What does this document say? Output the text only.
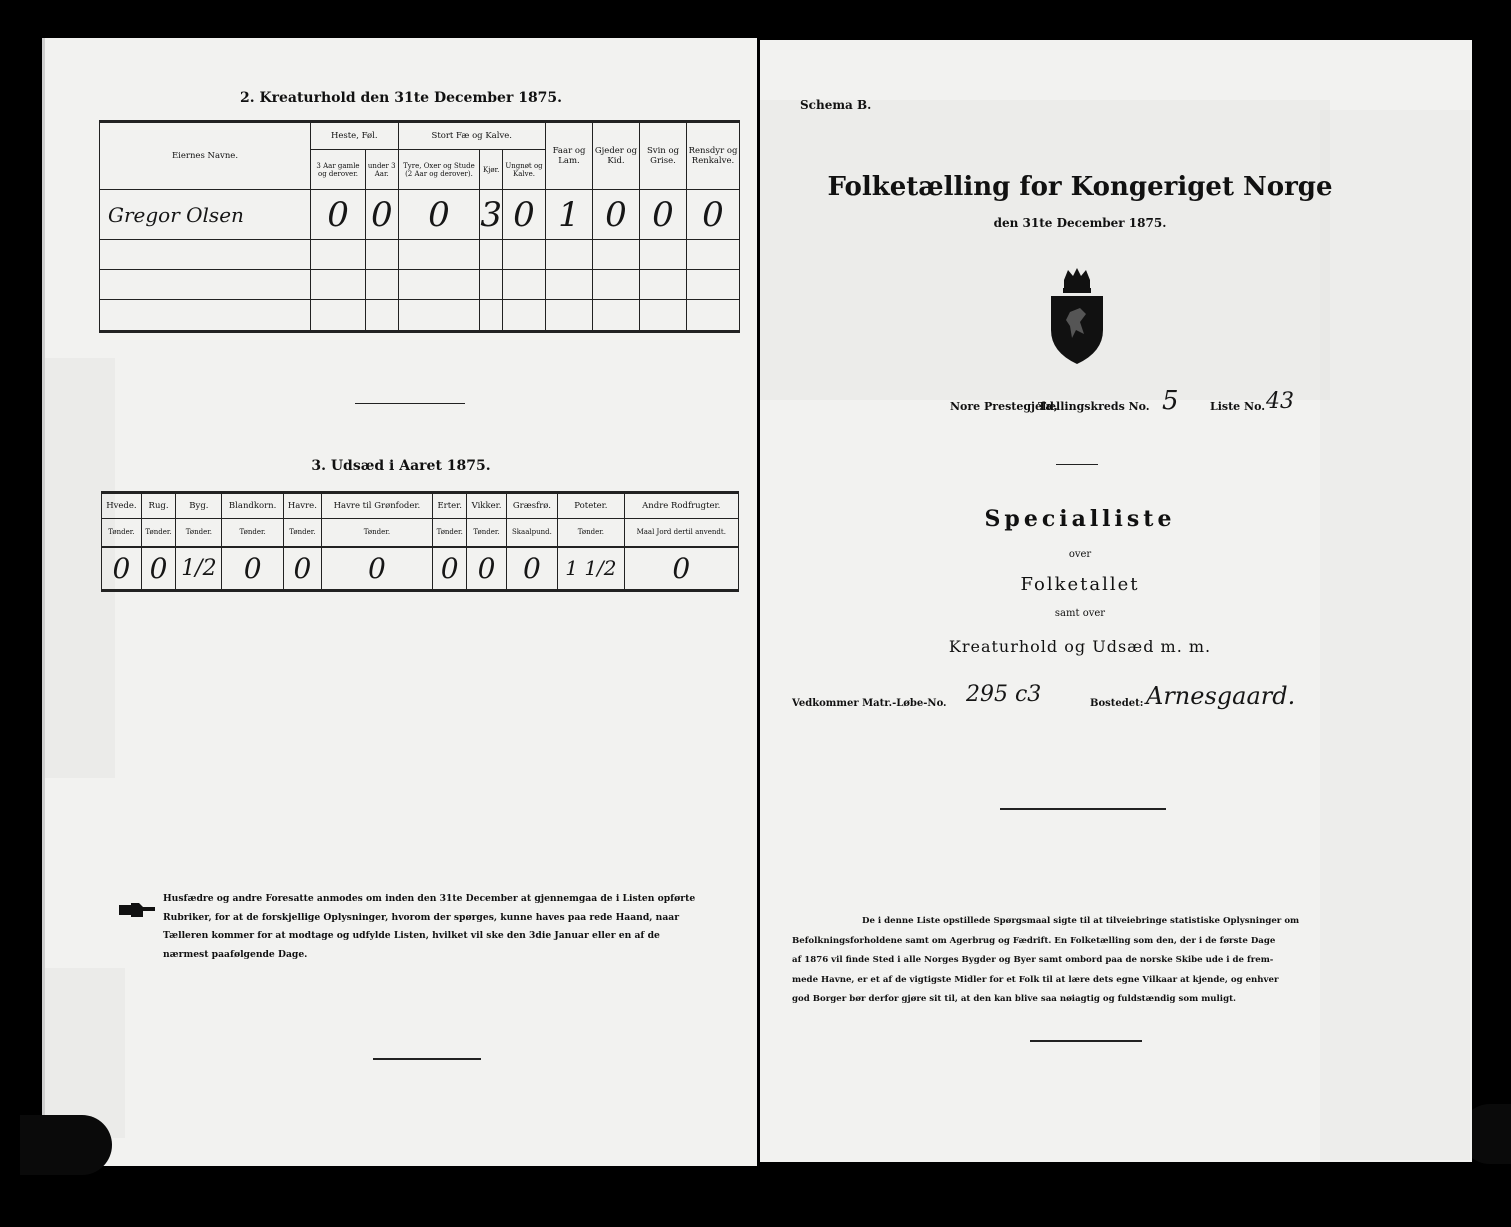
2. Kreaturhold den 31te December 1875.
Eiernes Navne.	Heste, Føl.		Stort Fæ og Kalve.			Faar og Lam.	Gjeder og Kid.	Svin og Grise.	Rensdyr og Renkalve.
	3 Aar gamle og derover.	under 3 Aar.	Tyre, Oxer og Stude (2 Aar og derover).	Kjør.	Ungnøt og Kalve.				
Gregor Olsen	0	0	0	3	0	1	0	0	0

3. Udsæd i Aaret 1875.
Hvede.	Rug.	Byg.	Blandkorn.	Havre.	Havre til Grønfoder.	Erter.	Vikker.	Græsfrø.	Poteter.	Andre Rodfrugter.
Tønder.	Tønder.	Tønder.	Tønder.	Tønder.	Tønder.	Tønder.	Tønder.	Skaalpund.	Tønder.	Maal Jord dertil anvendt.
0	0	1/2	0	0	0	0	0	0	1 1/2	0
Husfædre og andre Foresatte anmodes om inden den 31te December at gjennemgaa de i Listen opførte
Rubriker, for at de forskjellige Oplysninger, hvorom der spørges, kunne haves paa rede Haand, naar
Tælleren kommer for at modtage og udfylde Listen, hvilket vil ske den 3die Januar eller en af de
nærmest paafølgende Dage.
Schema B.
Folketælling for Kongeriget Norge
den 31te December 1875.
Nore Prestegjeld,
Tællingskreds No. 5	Liste No. 43
Specialliste
over
Folketallet
samt over
Kreaturhold og Udsæd m. m.
Vedkommer Matr.-Løbe-No. 295 c3	Bostedet: Arnesgaard.
De i denne Liste opstillede Spørgsmaal sigte til at tilveiebringe statistiske Oplysninger om
Befolkningsforholdene samt om Agerbrug og Fædrift. En Folketælling som den, der i de første Dage
af 1876 vil finde Sted i alle Norges Bygder og Byer samt ombord paa de norske Skibe ude i de frem-
mede Havne, er et af de vigtigste Midler for et Folk til at lære dets egne Vilkaar at kjende, og enhver
god Borger bør derfor gjøre sit til, at den kan blive saa nøiagtig og fuldstændig som muligt.
